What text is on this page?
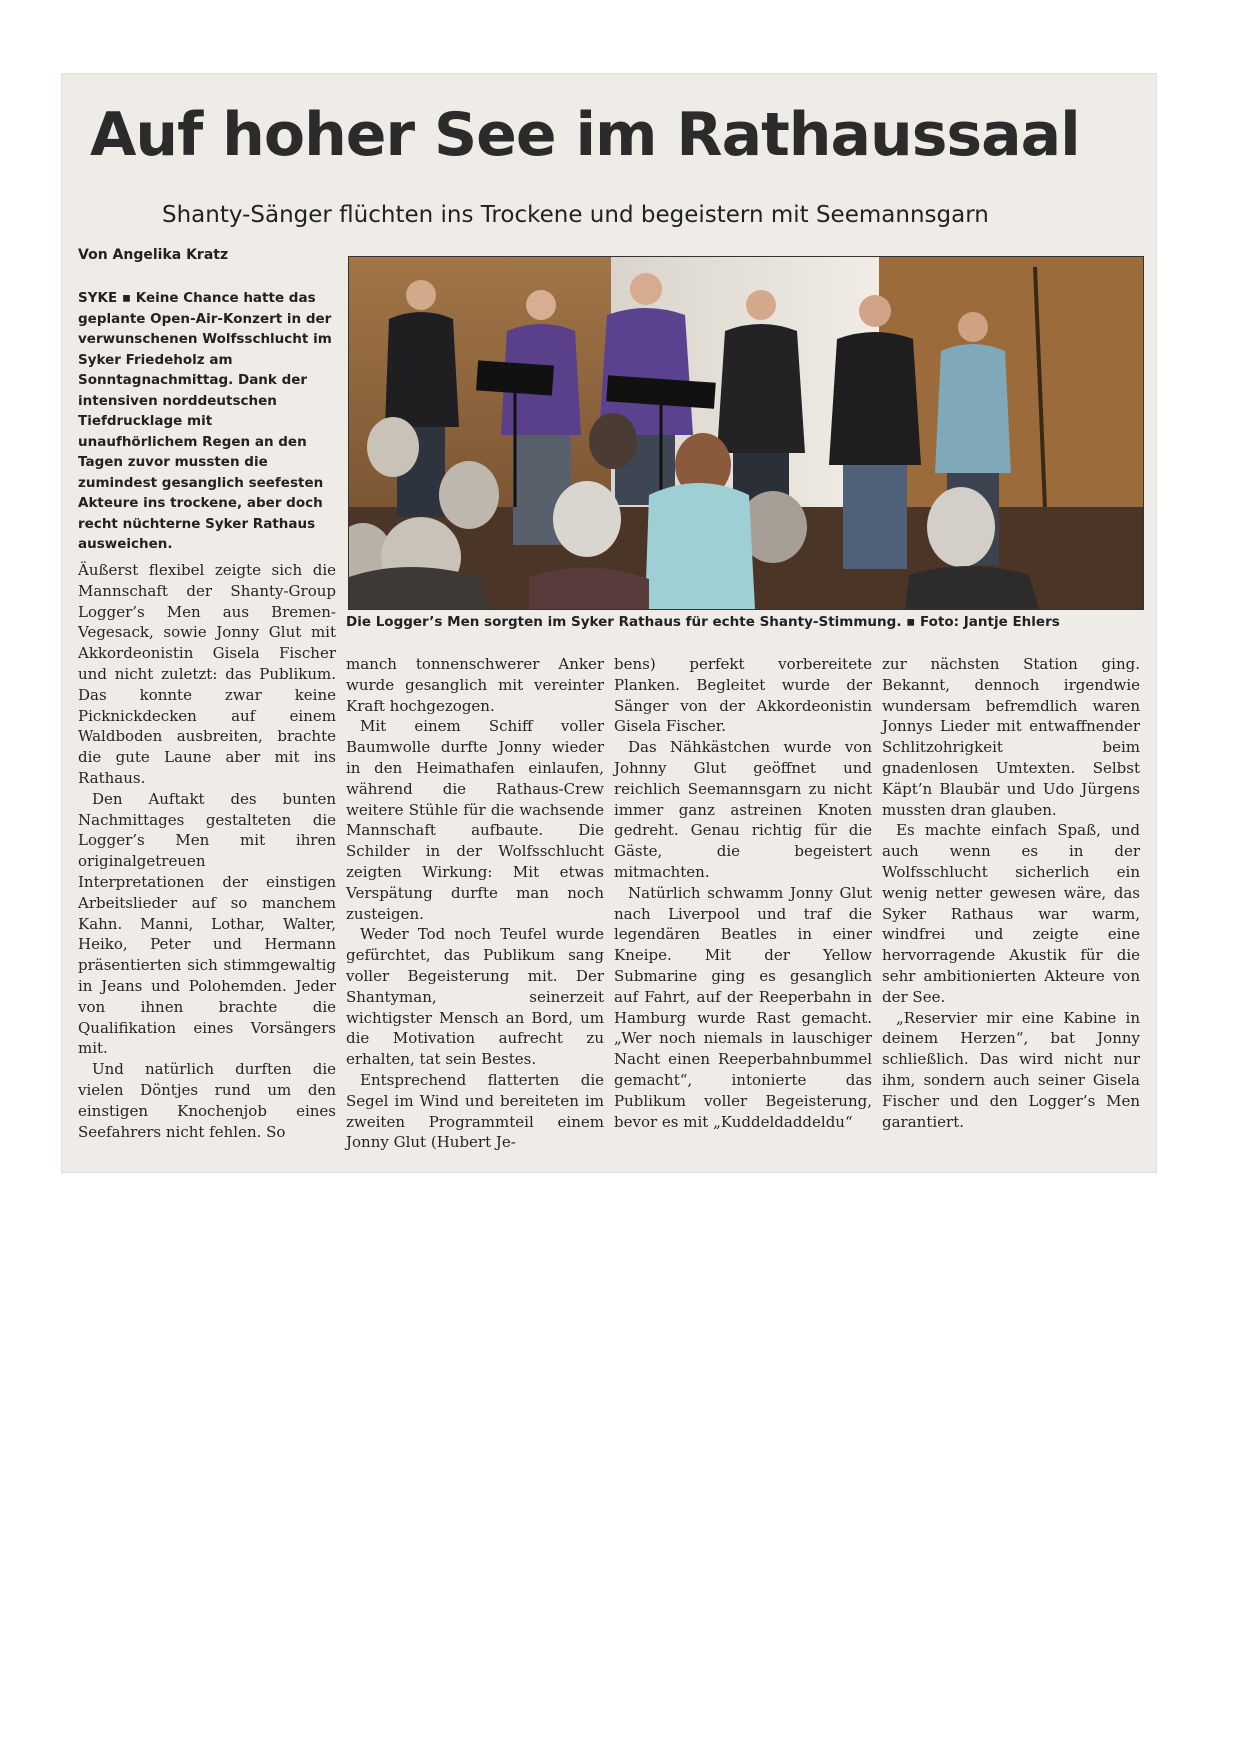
Auf hoher See im Rathaussaal
Shanty-Sänger flüchten ins Trockene und begeistern mit Seemannsgarn
Von Angelika Kratz

SYKE ▪ Keine Chance hatte das geplante Open-Air-Konzert in der verwunschenen Wolfsschlucht im Syker Friedeholz am Sonntagnachmittag. Dank der intensiven norddeutschen Tiefdrucklage mit unaufhörlichem Regen an den Tagen zuvor mussten die zumindest gesanglich seefesten Akteure ins trockene, aber doch recht nüchterne Syker Rathaus ausweichen.

Die Logger’s Men sorgten im Syker Rathaus für echte Shanty-Stimmung. ▪ Foto: Jantje Ehlers

Äußerst flexibel zeigte sich die Mannschaft der Shanty-Group Logger’s Men aus Bremen-Vegesack, sowie Jonny Glut mit Akkordeonistin Gisela Fischer und nicht zuletzt: das Publikum. Das konnte zwar keine Picknickdecken auf einem Waldboden ausbreiten, brachte die gute Laune aber mit ins Rathaus.

Den Auftakt des bunten Nachmittages gestalteten die Logger’s Men mit ihren originalgetreuen Interpretationen der einstigen Arbeitslieder auf so manchem Kahn. Manni, Lothar, Walter, Heiko, Peter und Hermann präsentierten sich stimmgewaltig in Jeans und Polohemden. Jeder von ihnen brachte die Qualifikation eines Vorsängers mit.

Und natürlich durften die vielen Döntjes rund um den einstigen Knochenjob eines Seefahrers nicht fehlen. So

manch tonnenschwerer Anker wurde gesanglich mit vereinter Kraft hochgezogen.

Mit einem Schiff voller Baumwolle durfte Jonny wieder in den Heimathafen einlaufen, während die Rathaus-Crew weitere Stühle für die wachsende Mannschaft aufbaute. Die Schilder in der Wolfsschlucht zeigten Wirkung: Mit etwas Verspätung durfte man noch zusteigen.

Weder Tod noch Teufel wurde gefürchtet, das Publikum sang voller Begeisterung mit. Der Shantyman, seinerzeit wichtigster Mensch an Bord, um die Motivation aufrecht zu erhalten, tat sein Bestes.

Entsprechend flatterten die Segel im Wind und bereiteten im zweiten Programmteil einem Jonny Glut (Hubert Je-

bens) perfekt vorbereitete Planken. Begleitet wurde der Sänger von der Akkordeonistin Gisela Fischer.

Das Nähkästchen wurde von Johnny Glut geöffnet und reichlich Seemannsgarn zu nicht immer ganz astreinen Knoten gedreht. Genau richtig für die Gäste, die begeistert mitmachten.

Natürlich schwamm Jonny Glut nach Liverpool und traf die legendären Beatles in einer Kneipe. Mit der Yellow Submarine ging es gesanglich auf Fahrt, auf der Reeperbahn in Hamburg wurde Rast gemacht. „Wer noch niemals in lauschiger Nacht einen Reeperbahnbummel gemacht“, intonierte das Publikum voller Begeisterung, bevor es mit „Kuddeldaddeldu“

zur nächsten Station ging. Bekannt, dennoch irgendwie wundersam befremdlich waren Jonnys Lieder mit entwaffnender Schlitzohrigkeit beim gnadenlosen Umtexten. Selbst Käpt’n Blaubär und Udo Jürgens mussten dran glauben.

Es machte einfach Spaß, und auch wenn es in der Wolfsschlucht sicherlich ein wenig netter gewesen wäre, das Syker Rathaus war warm, windfrei und zeigte eine hervorragende Akustik für die sehr ambitionierten Akteure von der See.

„Reservier mir eine Kabine in deinem Herzen“, bat Jonny schließlich. Das wird nicht nur ihm, sondern auch seiner Gisela Fischer und den Logger’s Men garantiert.
